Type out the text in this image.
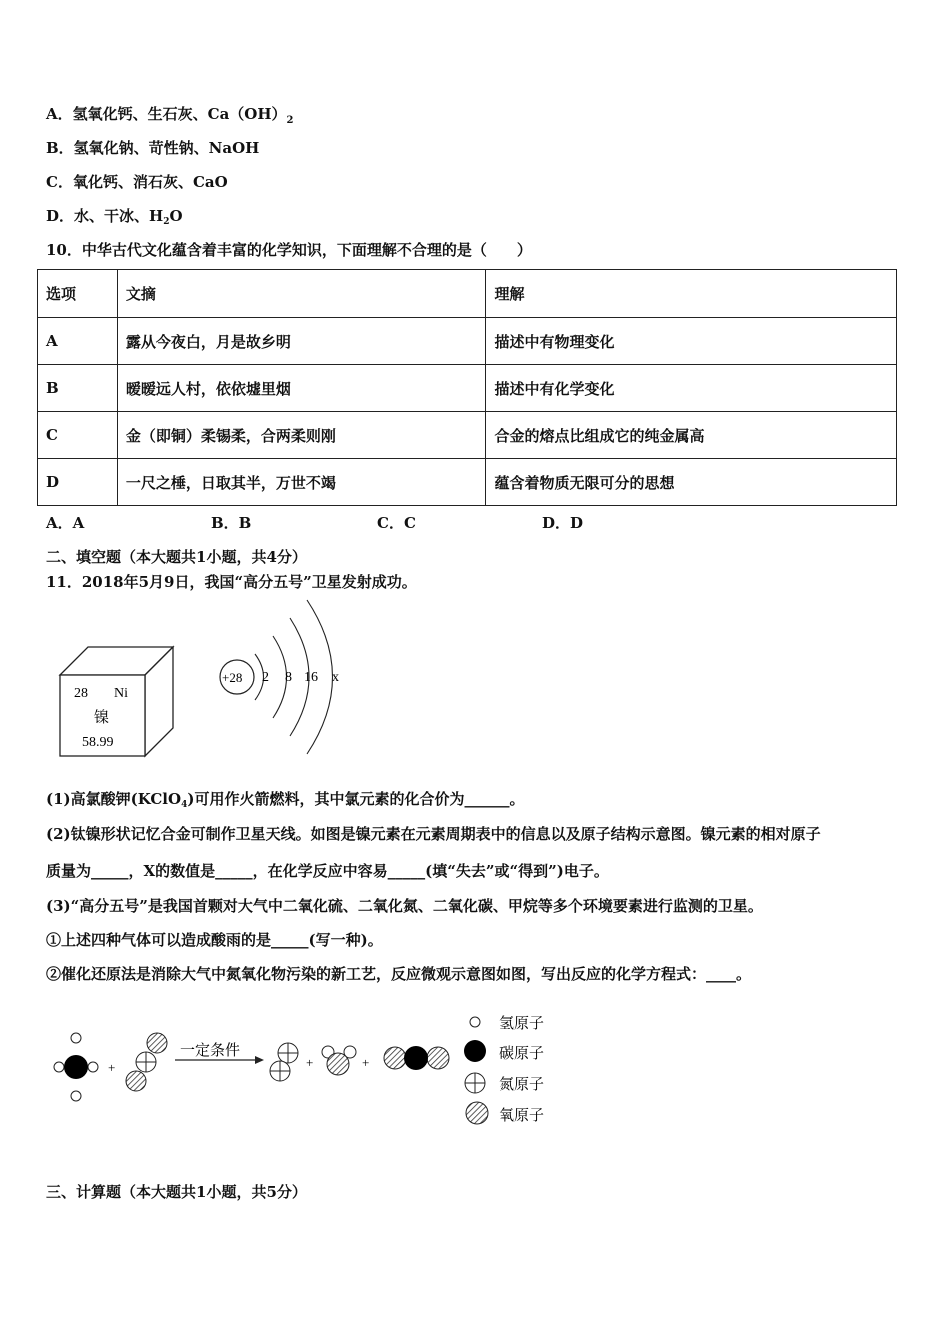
A．氢氧化钙、生石灰、$Ca(OH)_2$
B．氢氧化钠、苛性钠、NaOH
C．氧化钙、消石灰、CaO
D．水、干冰、$H_2O$
10．中华古代文化蕴含着丰富的化学知识，下面理解不合理的是（　　）
选项	文摘	理解
A	露从今夜白，月是故乡明	描述中有物理变化
B	暧暧远人村，依依墟里烟	描述中有化学变化
C	金（即铜）柔锡柔，合两柔则刚	合金的熔点比组成它的纯金属高
D	一尺之棰，日取其半，万世不竭	蕴含着物质无限可分的思想
A．A	B．B	C．C	D．D
二、填空题（本大题共1小题，共4分）
11．2018年5月9日，我国“高分五号”卫星发射成功。
28 Ni
镍
58.99
+28 2 8 16 x
(1)高氯酸钾(KClO$_4$)可用作火箭燃料，其中氯元素的化合价为______。
(2)钛镍形状记忆合金可制作卫星天线。如图是镍元素在元素周期表中的信息以及原子结构示意图。镍元素的相对原子
质量为_____，X的数值是_____，在化学反应中容易_____(填“失去”或“得到”)电子。
(3)“高分五号”是我国首颗对大气中二氧化硫、二氧化氮、二氧化碳、甲烷等多个环境要素进行监测的卫星。
①上述四种气体可以造成酸雨的是_____(写一种)。
②催化还原法是消除大气中氮氧化物污染的新工艺，反应微观示意图如图，写出反应的化学方程式：____。
+
一定条件
+	+
氢原子
碳原子
氮原子
氧原子
三、计算题（本大题共1小题，共5分）
